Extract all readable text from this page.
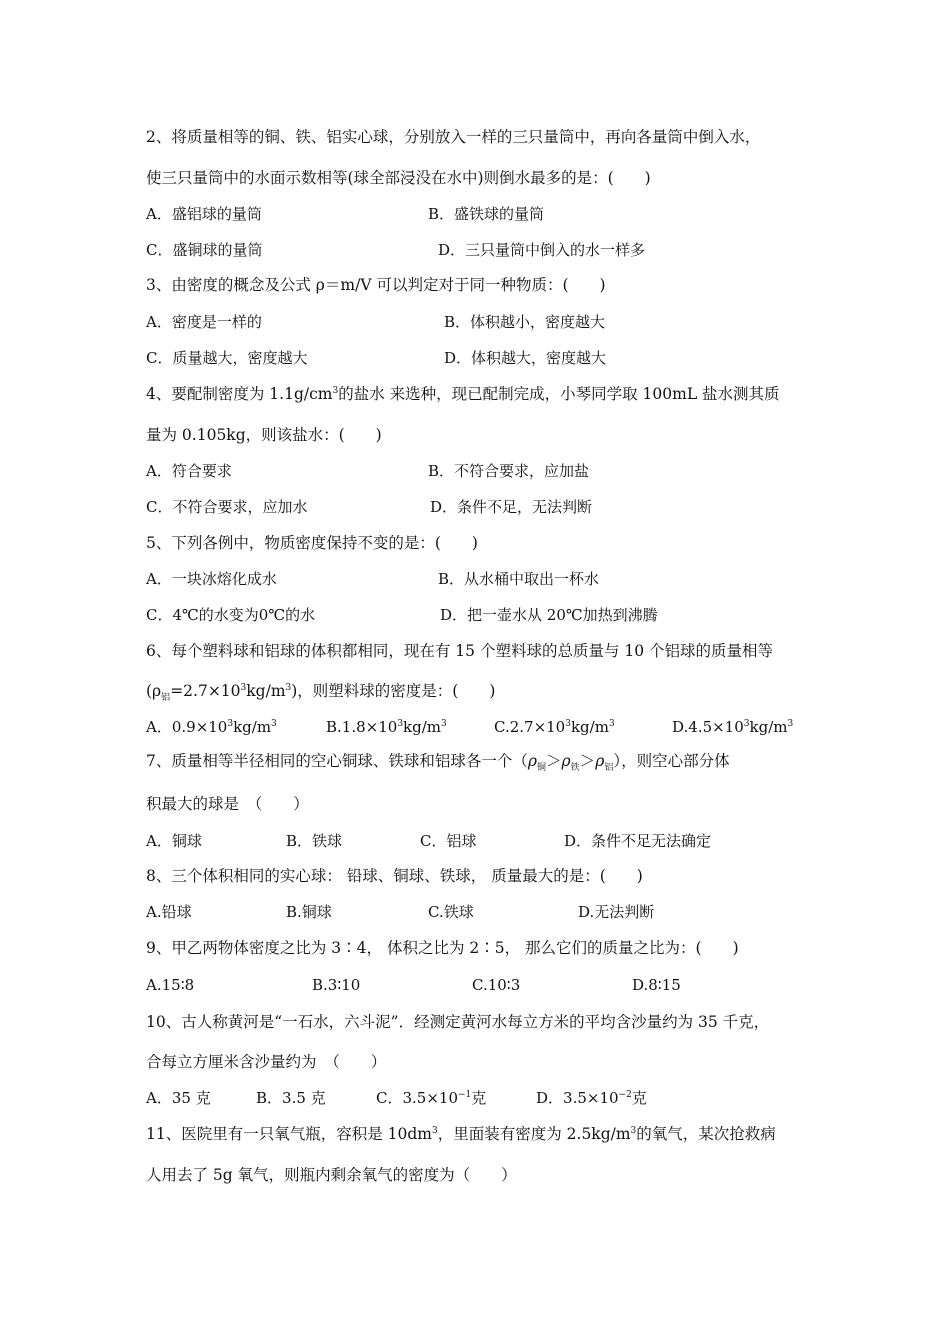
2、将质量相等的铜、铁、铝实心球，分别放入一样的三只量筒中，再向各量筒中倒入水，
使三只量筒中的水面示数相等(球全部浸没在水中)则倒水最多的是：(　　)
A．盛铝球的量筒	B．盛铁球的量筒
C．盛铜球的量筒	D．三只量筒中倒入的水一样多
3、由密度的概念及公式 ρ＝m/V 可以判定对于同一种物质：(　　)
A．密度是一样的	B．体积越小，密度越大
C．质量越大，密度越大	D．体积越大，密度越大
4、要配制密度为 $1.1g/cm^3$的盐水 来选种，现已配制完成，小琴同学取 100mL 盐水测其质
量为 0.105kg，则该盐水：(　　)
A．符合要求	B．不符合要求，应加盐
C．不符合要求，应加水	D．条件不足，无法判断
5、下列各例中，物质密度保持不变的是：(　　)
A．一块冰熔化成水	B．从水桶中取出一杯水
C．4℃的水变为0℃的水	D．把一壶水从 20℃加热到沸腾
6、每个塑料球和铝球的体积都相同，现在有 15 个塑料球的总质量与 10 个铝球的质量相等
$(\rho_铝=2.7\times 10^3kg/m^3)$，则塑料球的密度是：(　　)
A．$0.9\times 10^3kg/m^3$	$B.1.8\times 10^3kg/m^3$	$C.2.7\times 10^3kg/m^3$	$D.4.5\times 10^3kg/m^3$
7、质量相等半径相同的空心铜球、铁球和铝球各一个$(\rho_铜>\rho_铁>\rho_铝)$，则空心部分体
积最大的球是　（　　）
A．铜球	B．铁球	C．铝球	D．条件不足无法确定
8、三个体积相同的实心球： 铅球、铜球、铁球， 质量最大的是：(　　)
A.铅球	B.铜球	C.铁球	D.无法判断
9、甲乙两物体密度之比为 3∶4， 体积之比为 2∶5， 那么它们的质量之比为：(　　)
A.15∶8	B.3∶10	C.10∶3	D.8∶15
10、古人称黄河是“一石水，六斗泥”．经测定黄河水每立方米的平均含沙量约为 35 千克，
合每立方厘米含沙量约为　（　　）
A．35 克	B．3.5 克	C．$3.5\times 10^{-1}$克	D．$3.5\times 10^{-2}$克
11、医院里有一只氧气瓶，容积是 $10dm^3$，里面装有密度为 $2.5kg/m^3$的氧气，某次抢救病
人用去了 5g 氧气，则瓶内剩余氧气的密度为（　　）
